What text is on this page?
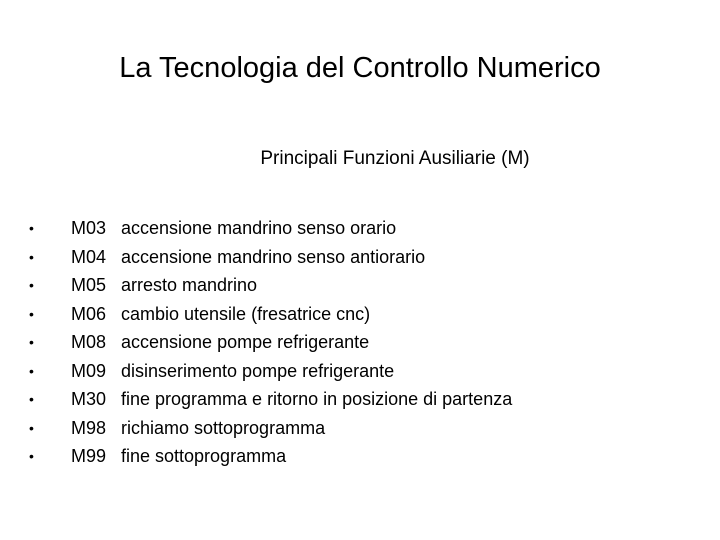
La Tecnologia del Controllo Numerico
Principali Funzioni Ausiliarie (M)
• M03 accensione mandrino senso orario
• M04 accensione mandrino senso antiorario
• M05 arresto mandrino
• M06 cambio utensile (fresatrice cnc)
• M08 accensione pompe refrigerante
• M09 disinserimento pompe refrigerante
• M30 fine programma e ritorno in posizione di partenza
• M98 richiamo sottoprogramma
• M99 fine sottoprogramma
